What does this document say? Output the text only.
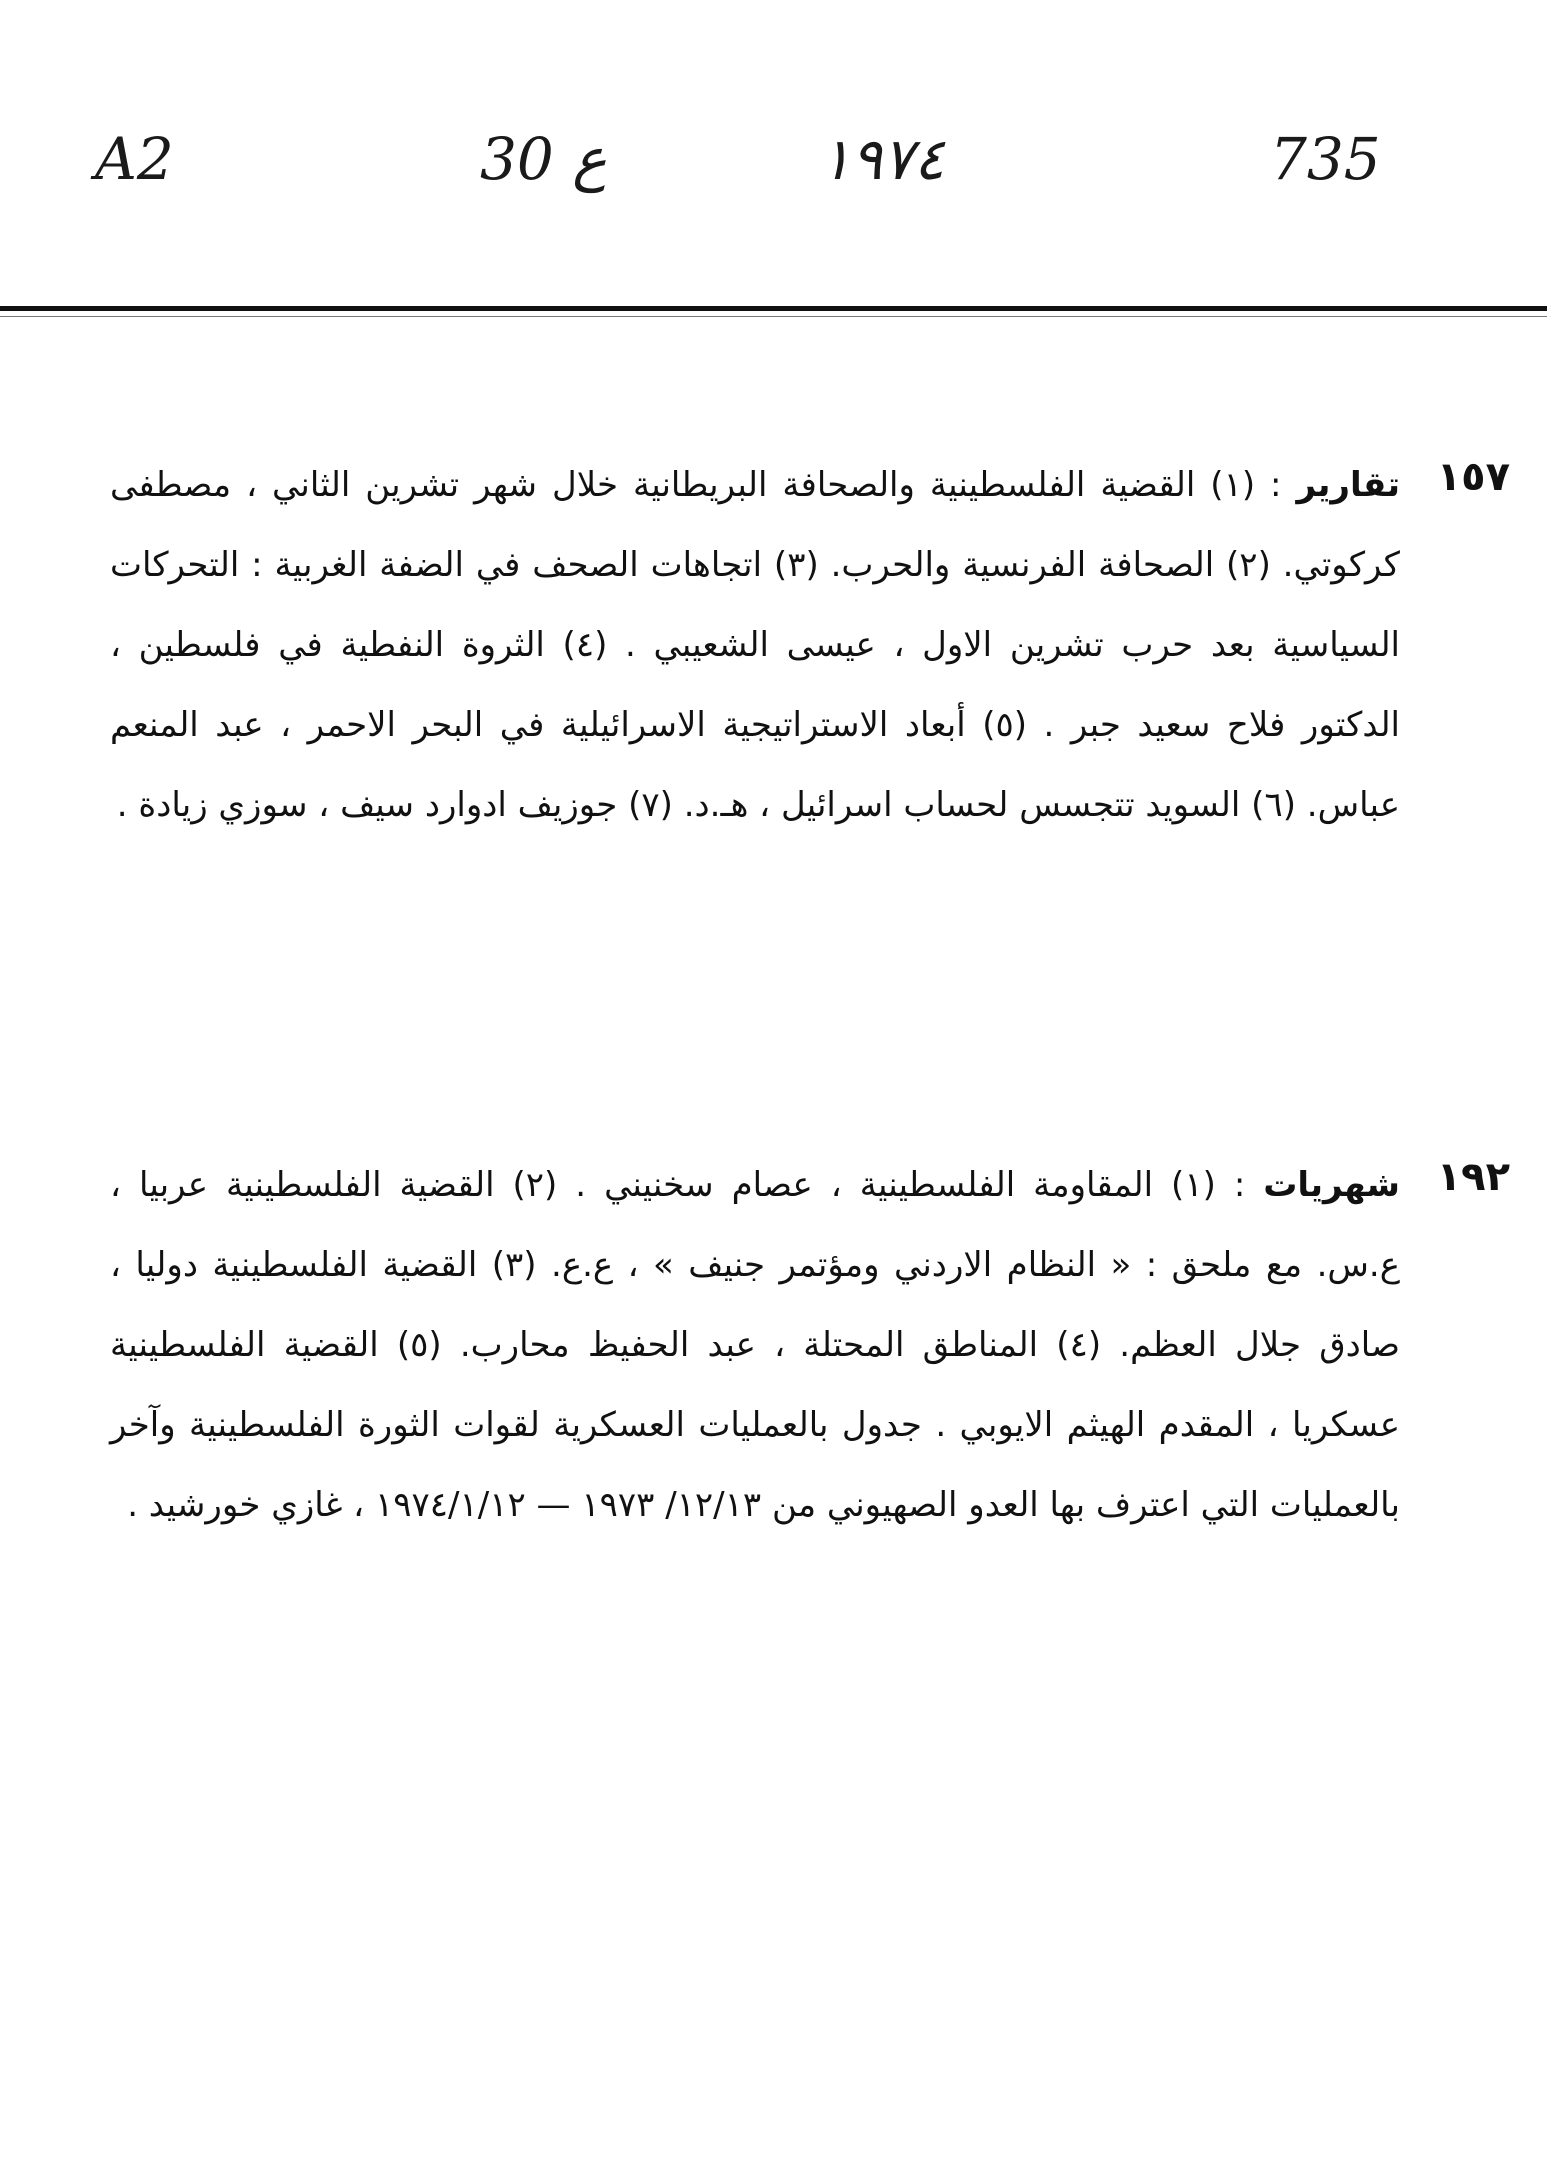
A2	30 ع	١٩٧٤	735
١٥٧
تقارير : (١) القضية الفلسطينية والصحافة البريطانية خلال شهر تشرين الثاني ، مصطفى كركوتي. (٢) الصحافة الفرنسية والحرب. (٣) اتجاهات الصحف في الضفة الغربية : التحركات السياسية بعد حرب تشرين الاول ، عيسى الشعيبي . (٤) الثروة النفطية في فلسطين ، الدكتور فلاح سعيد جبر . (٥) أبعاد الاستراتيجية الاسرائيلية في البحر الاحمر ، عبد المنعم عباس. (٦) السويد تتجسس لحساب اسرائيل ، هـ.د. (٧) جوزيف ادوارد سيف ، سوزي زيادة .
١٩٢
شهريات : (١) المقاومة الفلسطينية ، عصام سخنيني . (٢) القضية الفلسطينية عربيا ، ع.س. مع ملحق : « النظام الاردني ومؤتمر جنيف » ، ع.ع. (٣) القضية الفلسطينية دوليا ، صادق جلال العظم. (٤) المناطق المحتلة ، عبد الحفيظ محارب. (٥) القضية الفلسطينية عسكريا ، المقدم الهيثم الايوبي . جدول بالعمليات العسكرية لقوات الثورة الفلسطينية وآخر بالعمليات التي اعترف بها العدو الصهيوني من ١٢/١٣/ ١٩٧٣ — ١٩٧٤/١/١٢ ، غازي خورشيد .
